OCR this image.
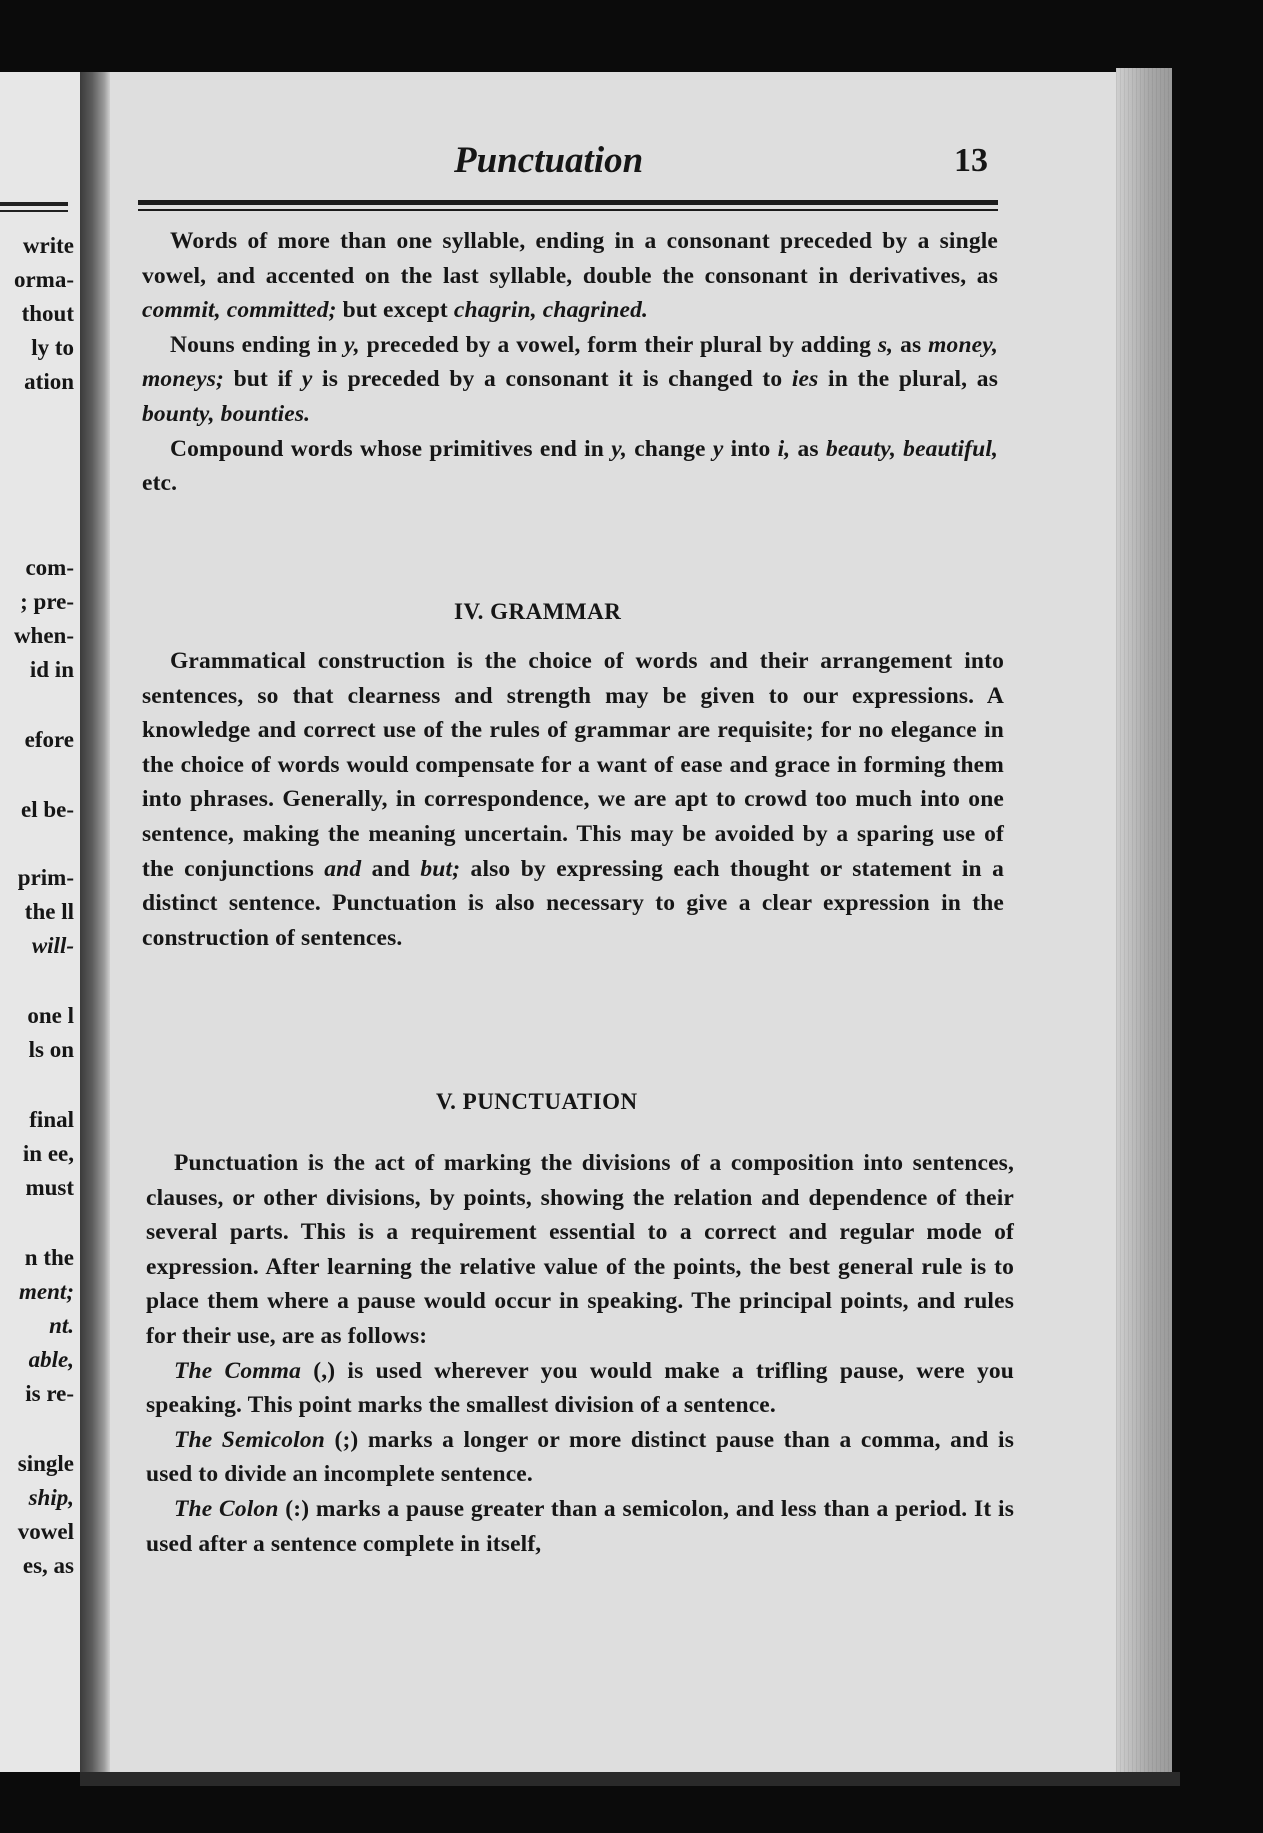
write
orma-
thout
ly to
ation
com-
; pre-
when-
id in
efore
el be-
prim-
the ll
will-
one l
ls on
final
in ee,
must
n the
ment;
nt.
able,
is re-
single
ship,
vowel
es, as
Punctuation	13

Words of more than one syllable, ending in a consonant preceded by a single vowel, and accented on the last syllable, double the consonant in derivatives, as commit, committed; but except chagrin, chagrined.

Nouns ending in y, preceded by a vowel, form their plural by adding s, as money, moneys; but if y is preceded by a consonant it is changed to ies in the plural, as bounty, bounties.

Compound words whose primitives end in y, change y into i, as beauty, beautiful, etc.

IV. GRAMMAR

Grammatical construction is the choice of words and their arrangement into sentences, so that clearness and strength may be given to our expressions. A knowledge and correct use of the rules of grammar are requisite; for no elegance in the choice of words would compensate for a want of ease and grace in forming them into phrases. Generally, in correspondence, we are apt to crowd too much into one sentence, making the meaning uncertain. This may be avoided by a sparing use of the conjunctions and and but; also by expressing each thought or statement in a distinct sentence. Punctuation is also necessary to give a clear expression in the construction of sentences.

V. PUNCTUATION

Punctuation is the act of marking the divisions of a composition into sentences, clauses, or other divisions, by points, showing the relation and dependence of their several parts. This is a requirement essential to a correct and regular mode of expression. After learning the relative value of the points, the best general rule is to place them where a pause would occur in speaking. The principal points, and rules for their use, are as follows:

The Comma (,) is used wherever you would make a trifling pause, were you speaking. This point marks the smallest division of a sentence.

The Semicolon (;) marks a longer or more distinct pause than a comma, and is used to divide an incomplete sentence.

The Colon (:) marks a pause greater than a semicolon, and less than a period. It is used after a sentence complete in itself,
